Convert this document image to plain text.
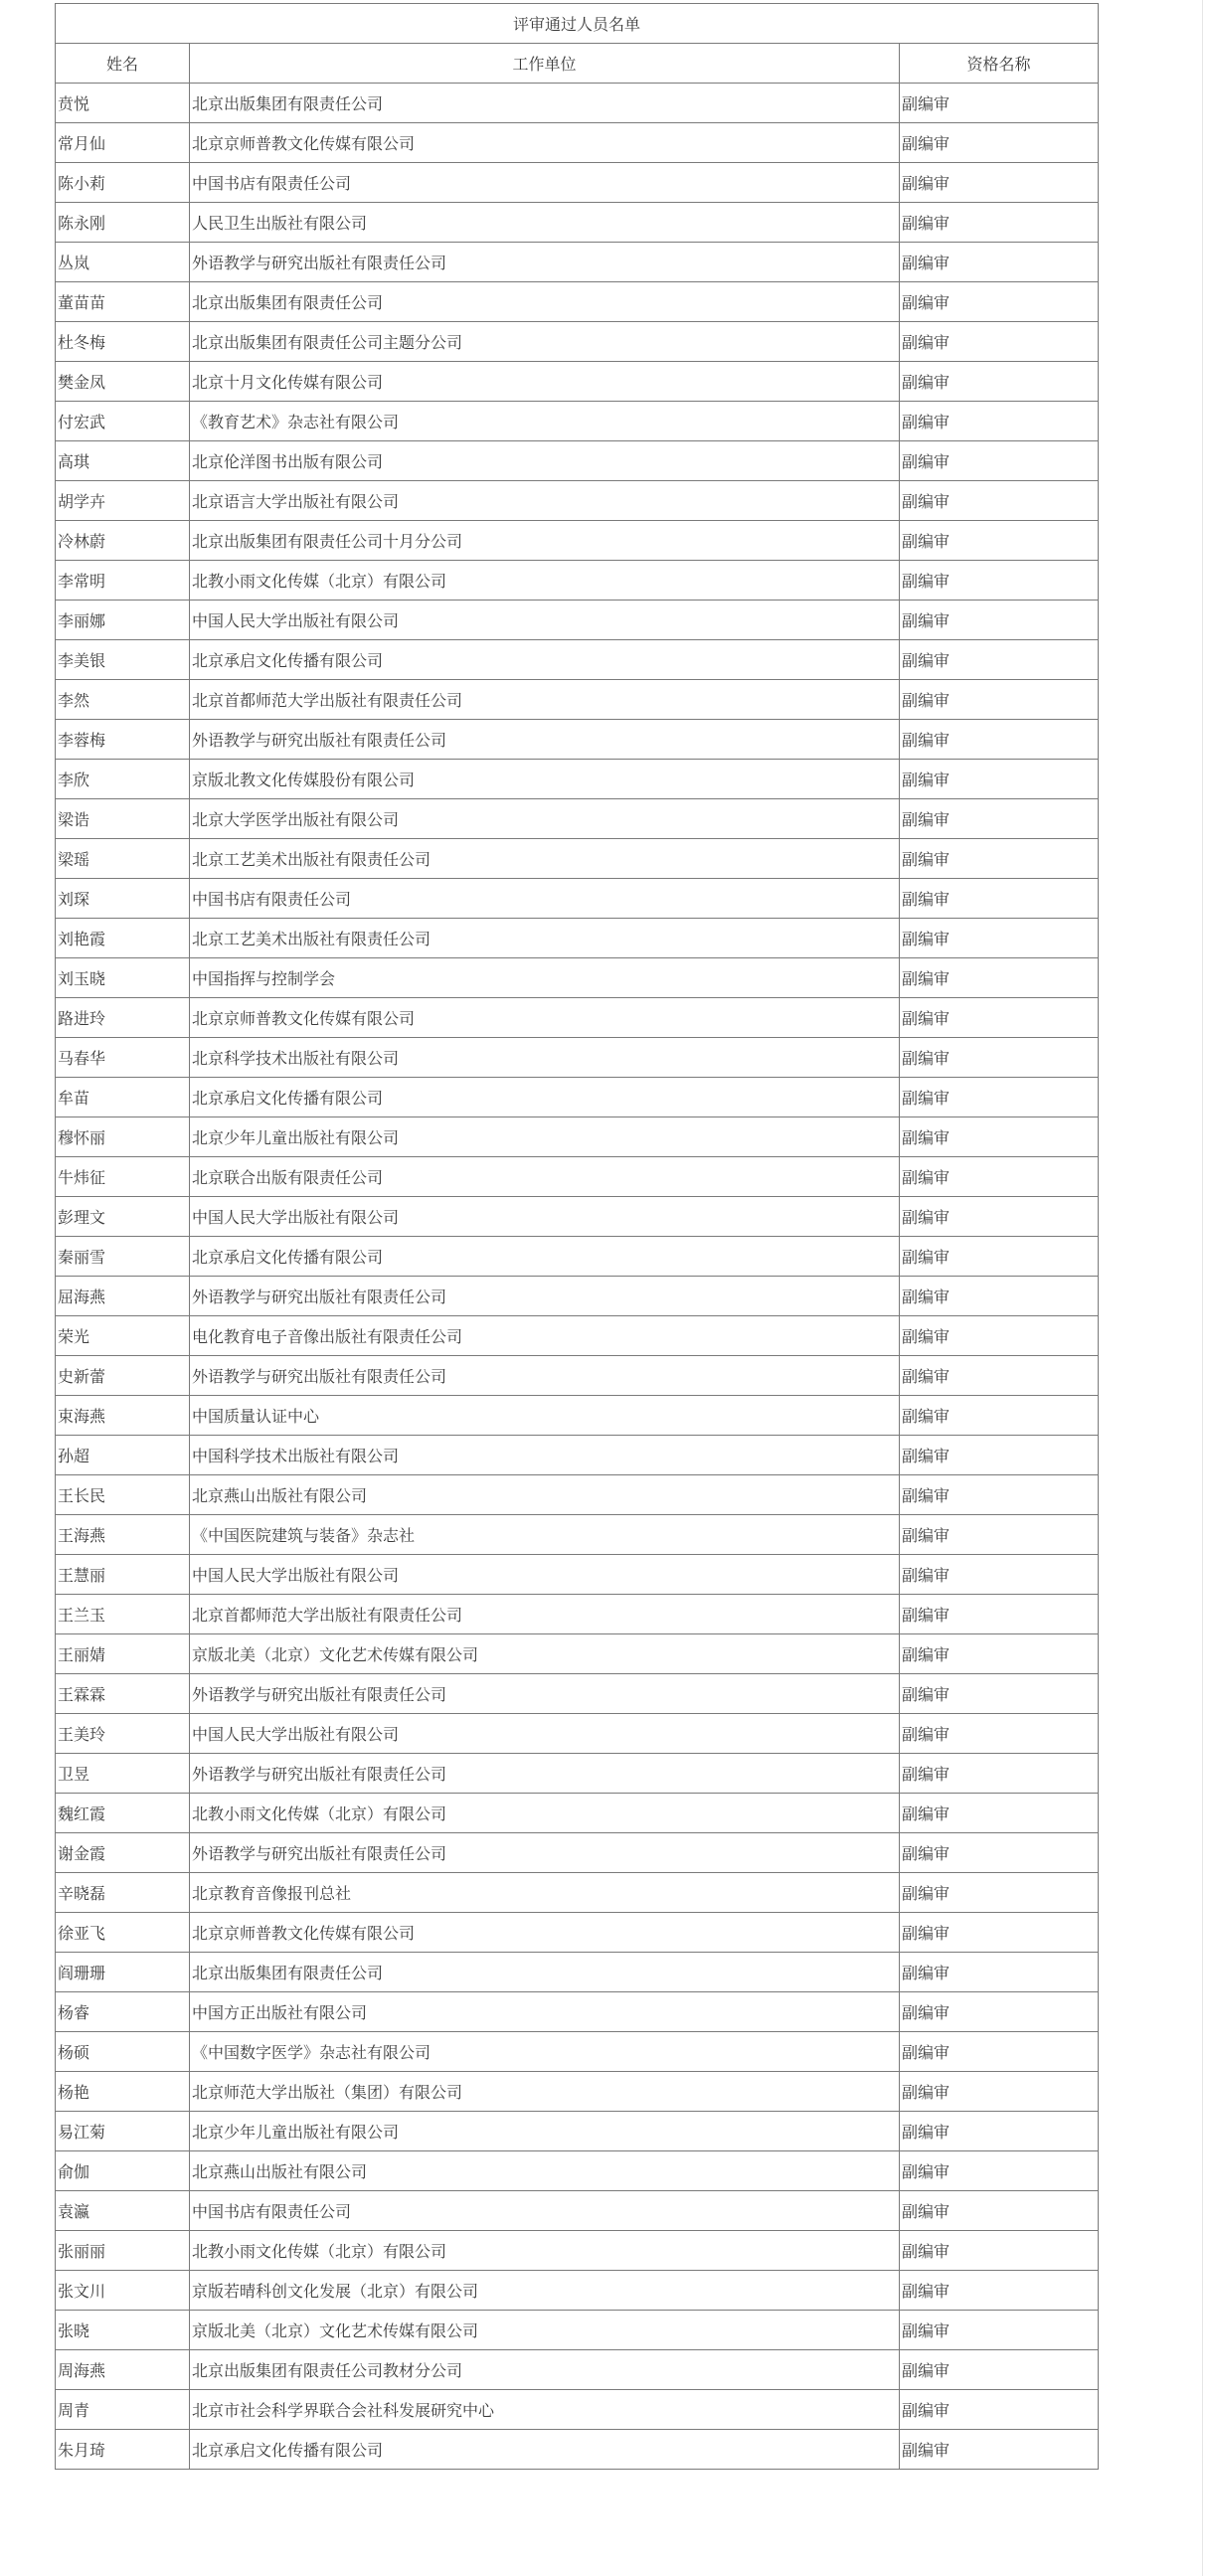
评审通过人员名单		
姓名	工作单位	资格名称
贲悦	北京出版集团有限责任公司	副编审
常月仙	北京京师普教文化传媒有限公司	副编审
陈小莉	中国书店有限责任公司	副编审
陈永刚	人民卫生出版社有限公司	副编审
丛岚	外语教学与研究出版社有限责任公司	副编审
董苗苗	北京出版集团有限责任公司	副编审
杜冬梅	北京出版集团有限责任公司主题分公司	副编审
樊金凤	北京十月文化传媒有限公司	副编审
付宏武	《教育艺术》杂志社有限公司	副编审
高琪	北京伦洋图书出版有限公司	副编审
胡学卉	北京语言大学出版社有限公司	副编审
冷林蔚	北京出版集团有限责任公司十月分公司	副编审
李常明	北教小雨文化传媒（北京）有限公司	副编审
李丽娜	中国人民大学出版社有限公司	副编审
李美银	北京承启文化传播有限公司	副编审
李然	北京首都师范大学出版社有限责任公司	副编审
李蓉梅	外语教学与研究出版社有限责任公司	副编审
李欣	京版北教文化传媒股份有限公司	副编审
梁诰	北京大学医学出版社有限公司	副编审
梁瑶	北京工艺美术出版社有限责任公司	副编审
刘琛	中国书店有限责任公司	副编审
刘艳霞	北京工艺美术出版社有限责任公司	副编审
刘玉晓	中国指挥与控制学会	副编审
路进玲	北京京师普教文化传媒有限公司	副编审
马春华	北京科学技术出版社有限公司	副编审
牟苗	北京承启文化传播有限公司	副编审
穆怀丽	北京少年儿童出版社有限公司	副编审
牛炜征	北京联合出版有限责任公司	副编审
彭理文	中国人民大学出版社有限公司	副编审
秦丽雪	北京承启文化传播有限公司	副编审
屈海燕	外语教学与研究出版社有限责任公司	副编审
荣光	电化教育电子音像出版社有限责任公司	副编审
史新蕾	外语教学与研究出版社有限责任公司	副编审
束海燕	中国质量认证中心	副编审
孙超	中国科学技术出版社有限公司	副编审
王长民	北京燕山出版社有限公司	副编审
王海燕	《中国医院建筑与装备》杂志社	副编审
王慧丽	中国人民大学出版社有限公司	副编审
王兰玉	北京首都师范大学出版社有限责任公司	副编审
王丽婧	京版北美（北京）文化艺术传媒有限公司	副编审
王霖霖	外语教学与研究出版社有限责任公司	副编审
王美玲	中国人民大学出版社有限公司	副编审
卫昱	外语教学与研究出版社有限责任公司	副编审
魏红霞	北教小雨文化传媒（北京）有限公司	副编审
谢金霞	外语教学与研究出版社有限责任公司	副编审
辛晓磊	北京教育音像报刊总社	副编审
徐亚飞	北京京师普教文化传媒有限公司	副编审
阎珊珊	北京出版集团有限责任公司	副编审
杨睿	中国方正出版社有限公司	副编审
杨硕	《中国数字医学》杂志社有限公司	副编审
杨艳	北京师范大学出版社（集团）有限公司	副编审
易江菊	北京少年儿童出版社有限公司	副编审
俞伽	北京燕山出版社有限公司	副编审
袁瀛	中国书店有限责任公司	副编审
张丽丽	北教小雨文化传媒（北京）有限公司	副编审
张文川	京版若晴科创文化发展（北京）有限公司	副编审
张晓	京版北美（北京）文化艺术传媒有限公司	副编审
周海燕	北京出版集团有限责任公司教材分公司	副编审
周青	北京市社会科学界联合会社科发展研究中心	副编审
朱月琦	北京承启文化传播有限公司	副编审
